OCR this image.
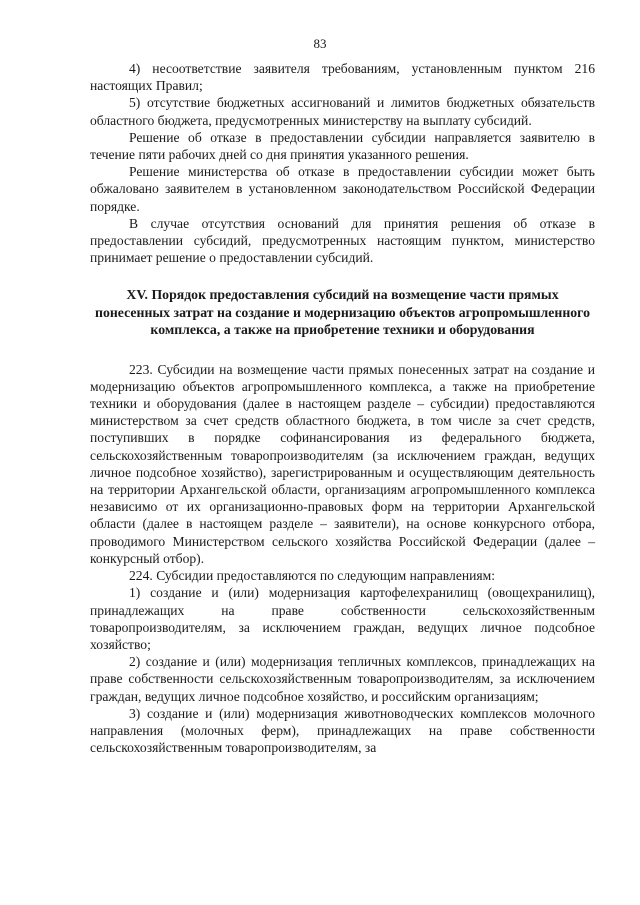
83

4) несоответствие заявителя требованиям, установленным пунктом 216 настоящих Правил;

5) отсутствие бюджетных ассигнований и лимитов бюджетных обязательств областного бюджета, предусмотренных министерству на выплату субсидий.

Решение об отказе в предоставлении субсидии направляется заявителю в течение пяти рабочих дней со дня принятия указанного решения.

Решение министерства об отказе в предоставлении субсидии может быть обжаловано заявителем в установленном законодательством Российской Федерации порядке.

В случае отсутствия оснований для принятия решения об отказе в предоставлении субсидий, предусмотренных настоящим пунктом, министерство принимает решение о предоставлении субсидий.

XV. Порядок предоставления субсидий на возмещение части прямых понесенных затрат на создание и модернизацию объектов агропромышленного комплекса, а также на приобретение техники и оборудования

223. Субсидии на возмещение части прямых понесенных затрат на создание и модернизацию объектов агропромышленного комплекса, а также на приобретение техники и оборудования (далее в настоящем разделе – субсидии) предоставляются министерством за счет средств областного бюджета, в том числе за счет средств, поступивших в порядке софинансирования из федерального бюджета, сельскохозяйственным товаропроизводителям (за исключением граждан, ведущих личное подсобное хозяйство), зарегистрированным и осуществляющим деятельность на территории Архангельской области, организациям агропромышленного комплекса независимо от их организационно-правовых форм на территории Архангельской области (далее в настоящем разделе – заявители), на основе конкурсного отбора, проводимого Министерством сельского хозяйства Российской Федерации (далее – конкурсный отбор).

224. Субсидии предоставляются по следующим направлениям:

1) создание и (или) модернизация картофелехранилищ (овощехранилищ), принадлежащих на праве собственности сельскохозяйственным товаропроизводителям, за исключением граждан, ведущих личное подсобное хозяйство;

2) создание и (или) модернизация тепличных комплексов, принадлежащих на праве собственности сельскохозяйственным товаропроизводителям, за исключением граждан, ведущих личное подсобное хозяйство, и российским организациям;

3) создание и (или) модернизация животноводческих комплексов молочного направления (молочных ферм), принадлежащих на праве собственности сельскохозяйственным товаропроизводителям, за
